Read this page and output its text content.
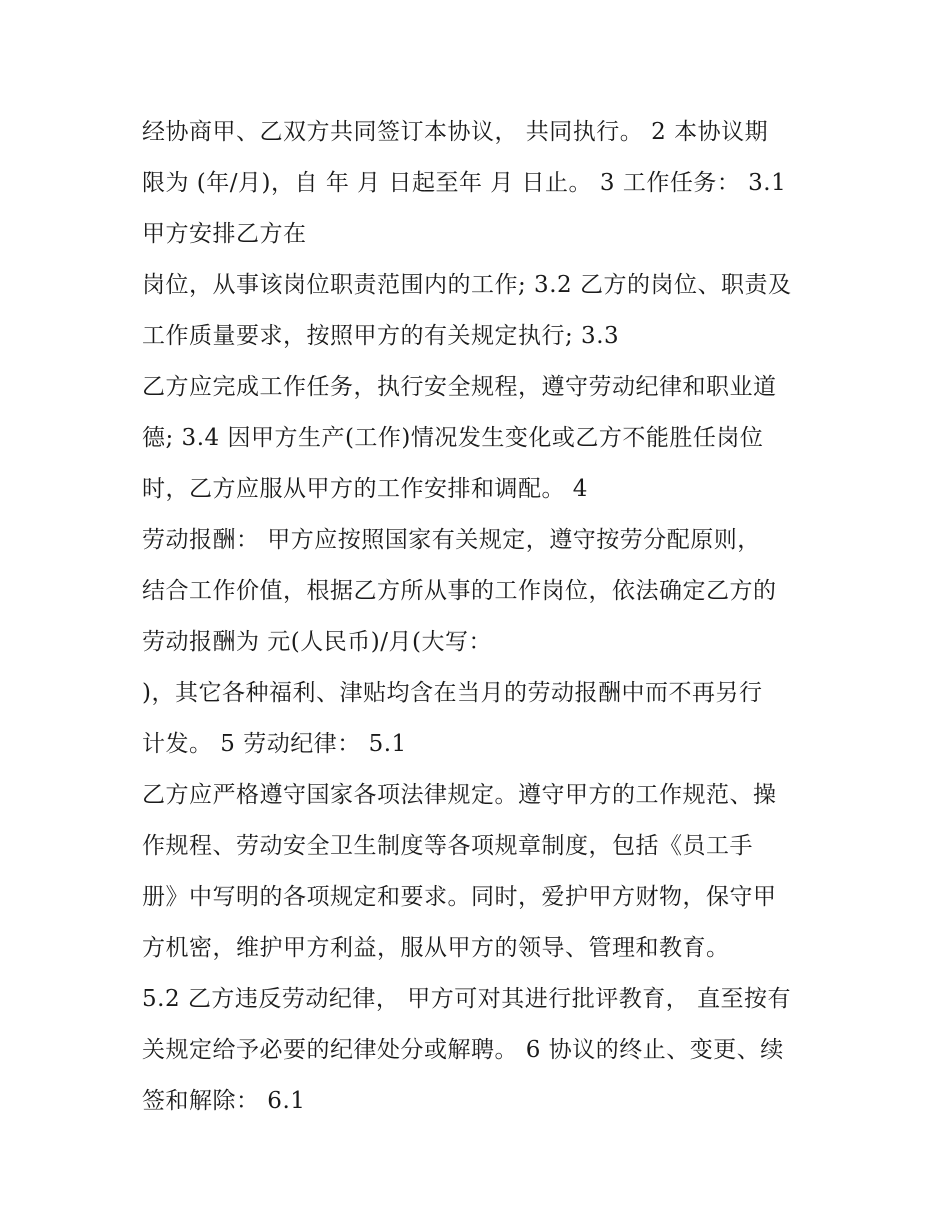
经协商甲、乙双方共同签订本协议， 共同执行。 2 本协议期
限为 (年/月)，自 年 月 日起至年 月 日止。 3 工作任务： 3.1
甲方安排乙方在
岗位，从事该岗位职责范围内的工作; 3.2 乙方的岗位、职责及
工作质量要求，按照甲方的有关规定执行; 3.3
乙方应完成工作任务，执行安全规程，遵守劳动纪律和职业道
德; 3.4 因甲方生产(工作)情况发生变化或乙方不能胜任岗位
时，乙方应服从甲方的工作安排和调配。 4
劳动报酬： 甲方应按照国家有关规定，遵守按劳分配原则，
结合工作价值，根据乙方所从事的工作岗位，依法确定乙方的
劳动报酬为 元(人民币)/月(大写：
)，其它各种福利、津贴均含在当月的劳动报酬中而不再另行
计发。 5 劳动纪律： 5.1
乙方应严格遵守国家各项法律规定。遵守甲方的工作规范、操
作规程、劳动安全卫生制度等各项规章制度，包括《员工手
册》中写明的各项规定和要求。同时，爱护甲方财物，保守甲
方机密，维护甲方利益，服从甲方的领导、管理和教育。
5.2 乙方违反劳动纪律， 甲方可对其进行批评教育， 直至按有
关规定给予必要的纪律处分或解聘。 6 协议的终止、变更、续
签和解除： 6.1
